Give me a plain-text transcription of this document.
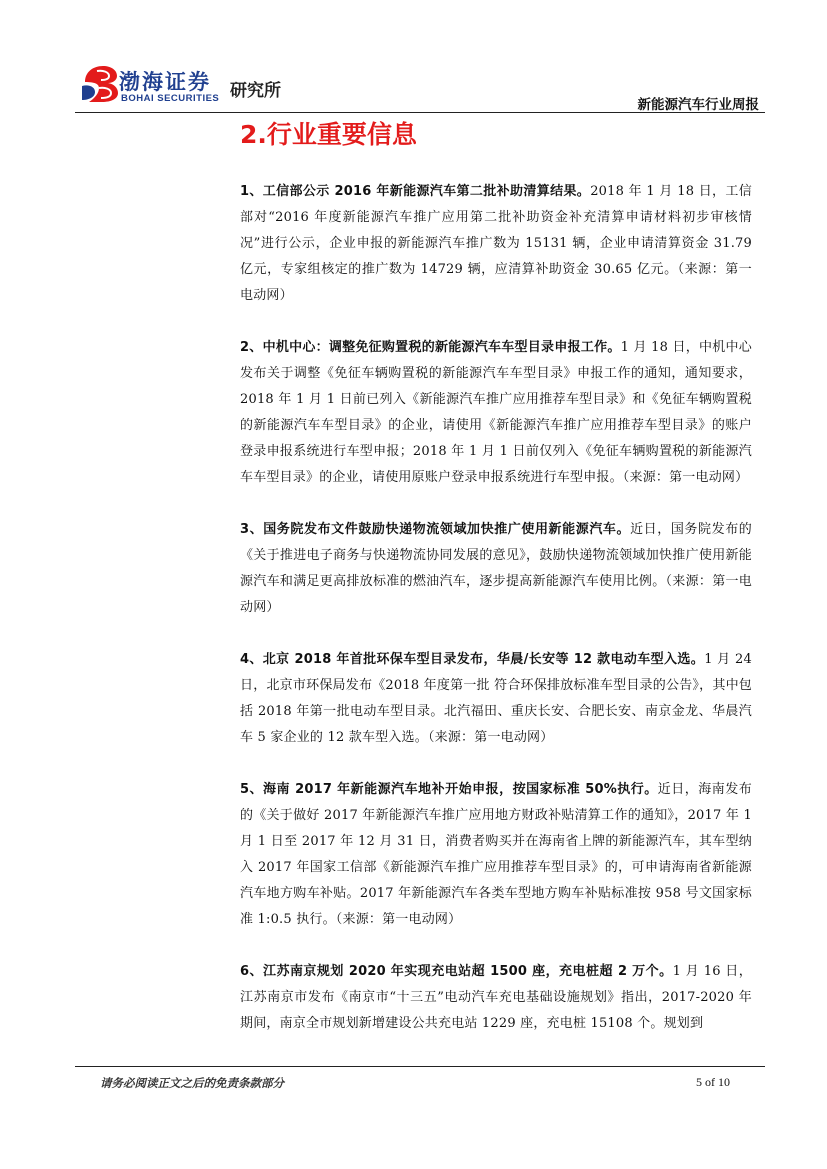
渤海证券
BOHAI SECURITIES 研究所
新能源汽车行业周报
2.行业重要信息
1、工信部公示 2016 年新能源汽车第二批补助清算结果。2018 年 1 月 18 日，工信部对“2016 年度新能源汽车推广应用第二批补助资金补充清算申请材料初步审核情况”进行公示，企业申报的新能源汽车推广数为 15131 辆，企业申请清算资金 31.79 亿元，专家组核定的推广数为 14729 辆，应清算补助资金 30.65 亿元。（来源：第一电动网）
2、中机中心：调整免征购置税的新能源汽车车型目录申报工作。1 月 18 日，中机中心发布关于调整《免征车辆购置税的新能源汽车车型目录》申报工作的通知，通知要求，2018 年 1 月 1 日前已列入《新能源汽车推广应用推荐车型目录》和《免征车辆购置税的新能源汽车车型目录》的企业，请使用《新能源汽车推广应用推荐车型目录》的账户登录申报系统进行车型申报；2018 年 1 月 1 日前仅列入《免征车辆购置税的新能源汽车车型目录》的企业，请使用原账户登录申报系统进行车型申报。（来源：第一电动网）
3、国务院发布文件鼓励快递物流领域加快推广使用新能源汽车。近日，国务院发布的《关于推进电子商务与快递物流协同发展的意见》，鼓励快递物流领域加快推广使用新能源汽车和满足更高排放标准的燃油汽车，逐步提高新能源汽车使用比例。（来源：第一电动网）
4、北京 2018 年首批环保车型目录发布，华晨/长安等 12 款电动车型入选。1 月 24 日，北京市环保局发布《2018 年度第一批 符合环保排放标准车型目录的公告》，其中包括 2018 年第一批电动车型目录。北汽福田、重庆长安、合肥长安、南京金龙、华晨汽车 5 家企业的 12 款车型入选。（来源：第一电动网）
5、海南 2017 年新能源汽车地补开始申报，按国家标准 50%执行。近日，海南发布的《关于做好 2017 年新能源汽车推广应用地方财政补贴清算工作的通知》，2017 年 1 月 1 日至 2017 年 12 月 31 日，消费者购买并在海南省上牌的新能源汽车，其车型纳入 2017 年国家工信部《新能源汽车推广应用推荐车型目录》的，可申请海南省新能源汽车地方购车补贴。2017 年新能源汽车各类车型地方购车补贴标准按 958 号文国家标准 1:0.5 执行。（来源：第一电动网）
6、江苏南京规划 2020 年实现充电站超 1500 座，充电桩超 2 万个。1 月 16 日，江苏南京市发布《南京市“十三五”电动汽车充电基础设施规划》指出，2017-2020 年期间，南京全市规划新增建设公共充电站 1229 座，充电桩 15108 个。规划到
请务必阅读正文之后的免责条款部分	5 of 10
